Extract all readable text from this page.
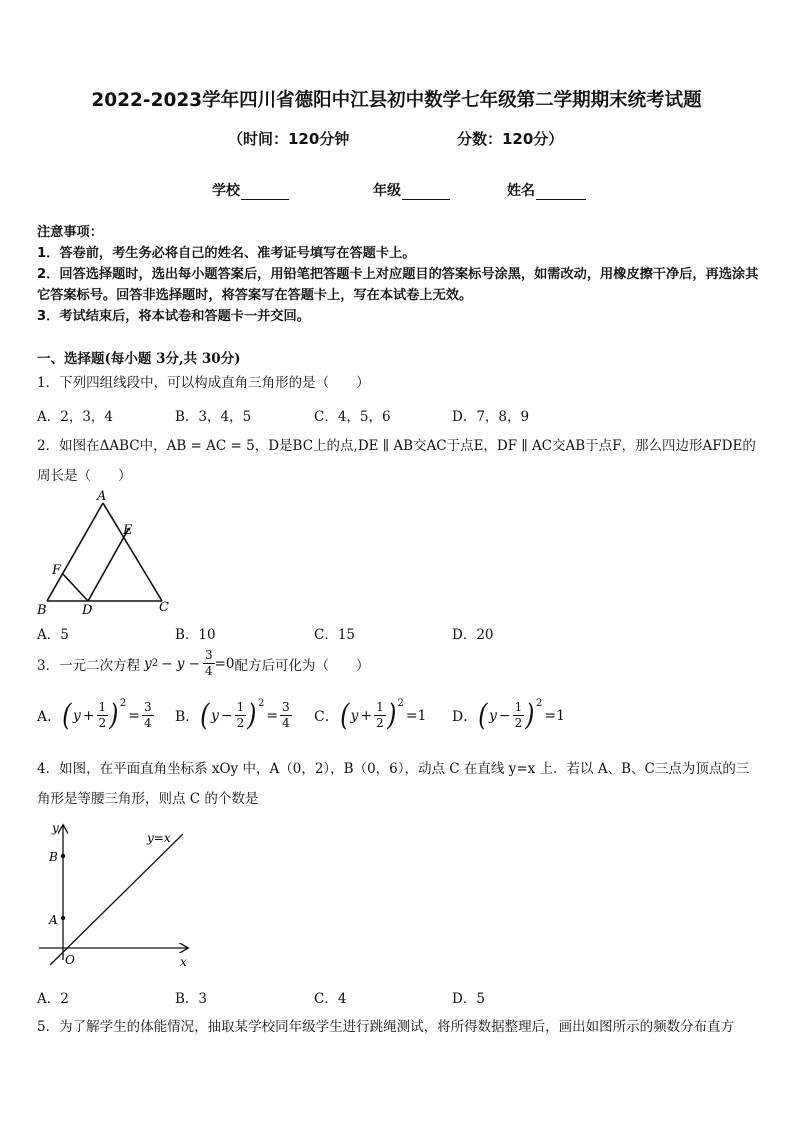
2022-2023学年四川省德阳中江县初中数学七年级第二学期期末统考试题
（时间：120分钟	分数：120分）
学校	年级	姓名
注意事项：
1．答卷前，考生务必将自己的姓名、准考证号填写在答题卡上。
2．回答选择题时，选出每小题答案后，用铅笔把答题卡上对应题目的答案标号涂黑，如需改动，用橡皮擦干净后，再选涂其它答案标号。回答非选择题时，将答案写在答题卡上，写在本试卷上无效。
3．考试结束后，将本试卷和答题卡一并交回。
一、选择题(每小题 3分,共 30分)
1．下列四组线段中，可以构成直角三角形的是（　　）
A．2，3，4	B．3，4，5	C．4，5，6	D．7，8，9
2．如图在ΔABC中，AB = AC = 5，D是BC上的点,DE ∥ AB交AC于点E，DF ∥ AC交AB于点F，那么四边形AFDE的周长是（　　）
A
E
F
B	D	C
A．5	B．10	C．15	D．20
3．一元二次方程 y $2 - y - \frac{3}{4} =0$ 配方后可化为（　　）
A． ( $y + \frac{1}{2} )^2$
= $\frac{3}{4}$ B． ( $y - \frac{1}{2} )^2$
= $\frac{3}{4}$ C． ( $y + \frac{1}{2} )^2$
=1 D． ( $y - \frac{1}{2} )^2$
=1
4．如图，在平面直角坐标系 xOy 中，A（0，2），B（0，6），动点 C 在直线 y=x 上．若以 A、B、C三点为顶点的三角形是等腰三角形，则点 C 的个数是
y
x
O
y=x
B
A
A．2	B．3	C．4	D．5
5．为了解学生的体能情况，抽取某学校同年级学生进行跳绳测试，将所得数据整理后，画出如图所示的频数分布直方
